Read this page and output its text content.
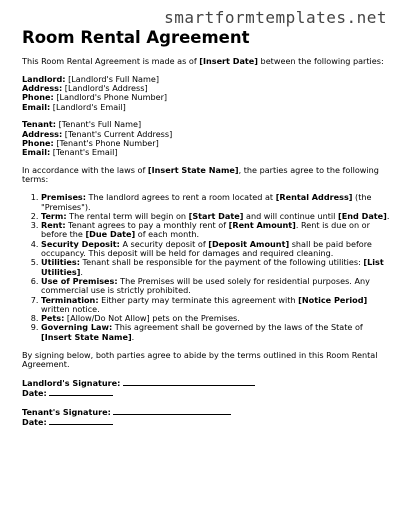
smartformtemplates.net
Room Rental Agreement

This Room Rental Agreement is made as of [Insert Date] between the following parties:

Landlord: [Landlord's Full Name]
Address: [Landlord's Address]
Phone: [Landlord's Phone Number]
Email: [Landlord's Email]
Tenant: [Tenant's Full Name]
Address: [Tenant's Current Address]
Phone: [Tenant's Phone Number]
Email: [Tenant's Email]

In accordance with the laws of [Insert State Name], the parties agree to the following terms:

1. Premises: The landlord agrees to rent a room located at [Rental Address] (the "Premises").
2. Term: The rental term will begin on [Start Date] and will continue until [End Date].
3. Rent: Tenant agrees to pay a monthly rent of [Rent Amount]. Rent is due on or before the [Due Date] of each month.
4. Security Deposit: A security deposit of [Deposit Amount] shall be paid before occupancy. This deposit will be held for damages and required cleaning.
5. Utilities: Tenant shall be responsible for the payment of the following utilities: [List Utilities].
6. Use of Premises: The Premises will be used solely for residential purposes. Any commercial use is strictly prohibited.
7. Termination: Either party may terminate this agreement with [Notice Period] written notice.
8. Pets: [Allow/Do Not Allow] pets on the Premises.
9. Governing Law: This agreement shall be governed by the laws of the State of [Insert State Name].

By signing below, both parties agree to abide by the terms outlined in this Room Rental Agreement.

Landlord's Signature:
Date:
Tenant's Signature:
Date:
